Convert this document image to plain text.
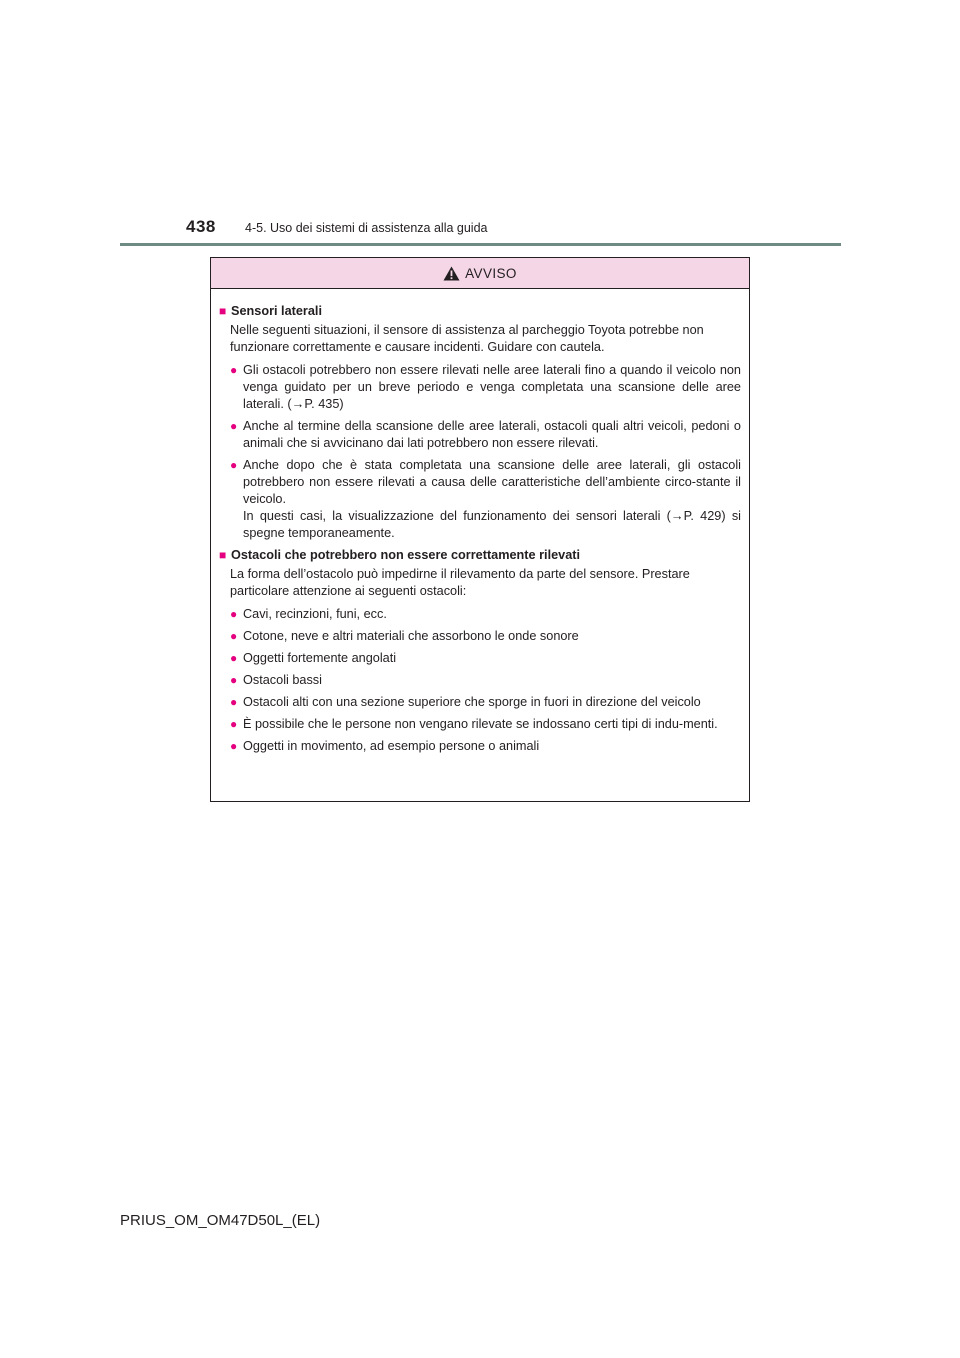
438 4-5. Uso dei sistemi di assistenza alla guida
AVVISO
■ Sensori laterali
Nelle seguenti situazioni, il sensore di assistenza al parcheggio Toyota potrebbe non funzionare correttamente e causare incidenti. Guidare con cautela.
● Gli ostacoli potrebbero non essere rilevati nelle aree laterali fino a quando il veicolo non venga guidato per un breve periodo e venga completata una scansione delle aree laterali. (→P. 435)
● Anche al termine della scansione delle aree laterali, ostacoli quali altri veicoli, pedoni o animali che si avvicinano dai lati potrebbero non essere rilevati.
● Anche dopo che è stata completata una scansione delle aree laterali, gli ostacoli potrebbero non essere rilevati a causa delle caratteristiche dell’ambiente circo-stante il veicolo.
In questi casi, la visualizzazione del funzionamento dei sensori laterali (→P. 429) si spegne temporaneamente.
■ Ostacoli che potrebbero non essere correttamente rilevati
La forma dell’ostacolo può impedirne il rilevamento da parte del sensore. Prestare particolare attenzione ai seguenti ostacoli:
● Cavi, recinzioni, funi, ecc.
● Cotone, neve e altri materiali che assorbono le onde sonore
● Oggetti fortemente angolati
● Ostacoli bassi
● Ostacoli alti con una sezione superiore che sporge in fuori in direzione del veicolo
● È possibile che le persone non vengano rilevate se indossano certi tipi di indu-menti.
● Oggetti in movimento, ad esempio persone o animali
PRIUS_OM_OM47D50L_(EL)
